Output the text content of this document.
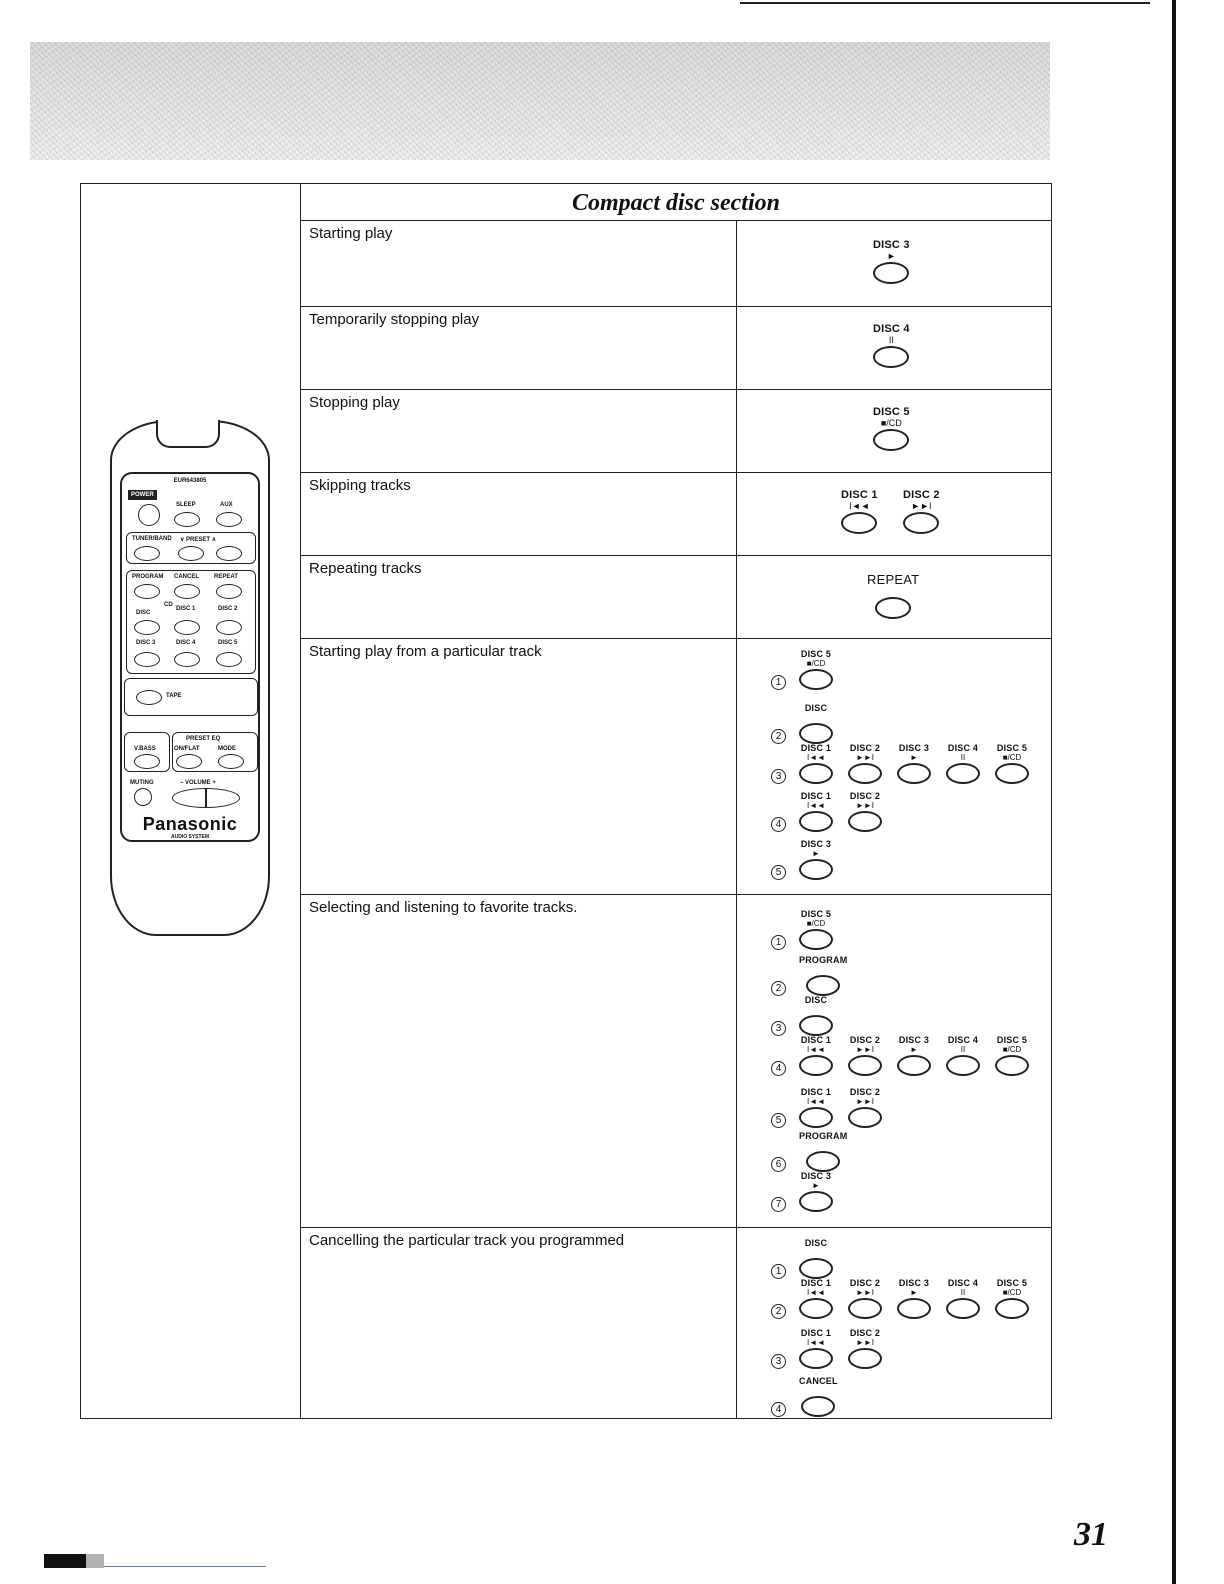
Compact disc section
Starting play
DISC 3
►
Temporarily stopping play
DISC 4
II
Stopping play
DISC 5
■/CD
Skipping tracks
DISC 1
I◄◄
DISC 2
►►I
Repeating tracks
REPEAT
Starting play from a particular track
1
DISC 5
■/CD
2
DISC
3
DISC 1
I◄◄
DISC 2
►►I
DISC 3
►
DISC 4
II
DISC 5
■/CD
4
DISC 1
I◄◄
DISC 2
►►I
5
DISC 3
►
Selecting and listening to favorite tracks.
1
DISC 5
■/CD
2
PROGRAM
3
DISC
4
DISC 1
I◄◄
DISC 2
►►I
DISC 3
►
DISC 4
II
DISC 5
■/CD
5
DISC 1
I◄◄
DISC 2
►►I
6
PROGRAM
7
DISC 3
►
Cancelling the particular track you programmed
1
DISC
2
DISC 1
I◄◄
DISC 2
►►I
DISC 3
►
DISC 4
II
DISC 5
■/CD
3
DISC 1
I◄◄
DISC 2
►►I
4
CANCEL
EUR643805
POWER
SLEEP	AUX
TUNER/BAND ∨ PRESET ∧
PROGRAM CANCEL	REPEAT
CD
DISC
DISC 1	DISC 2
DISC 3	DISC 4	DISC 5
TAPE
PRESET EQ
V.BASS	ON/FLAT	MODE
MUTING	– VOLUME +
Panasonic
AUDIO SYSTEM
31
